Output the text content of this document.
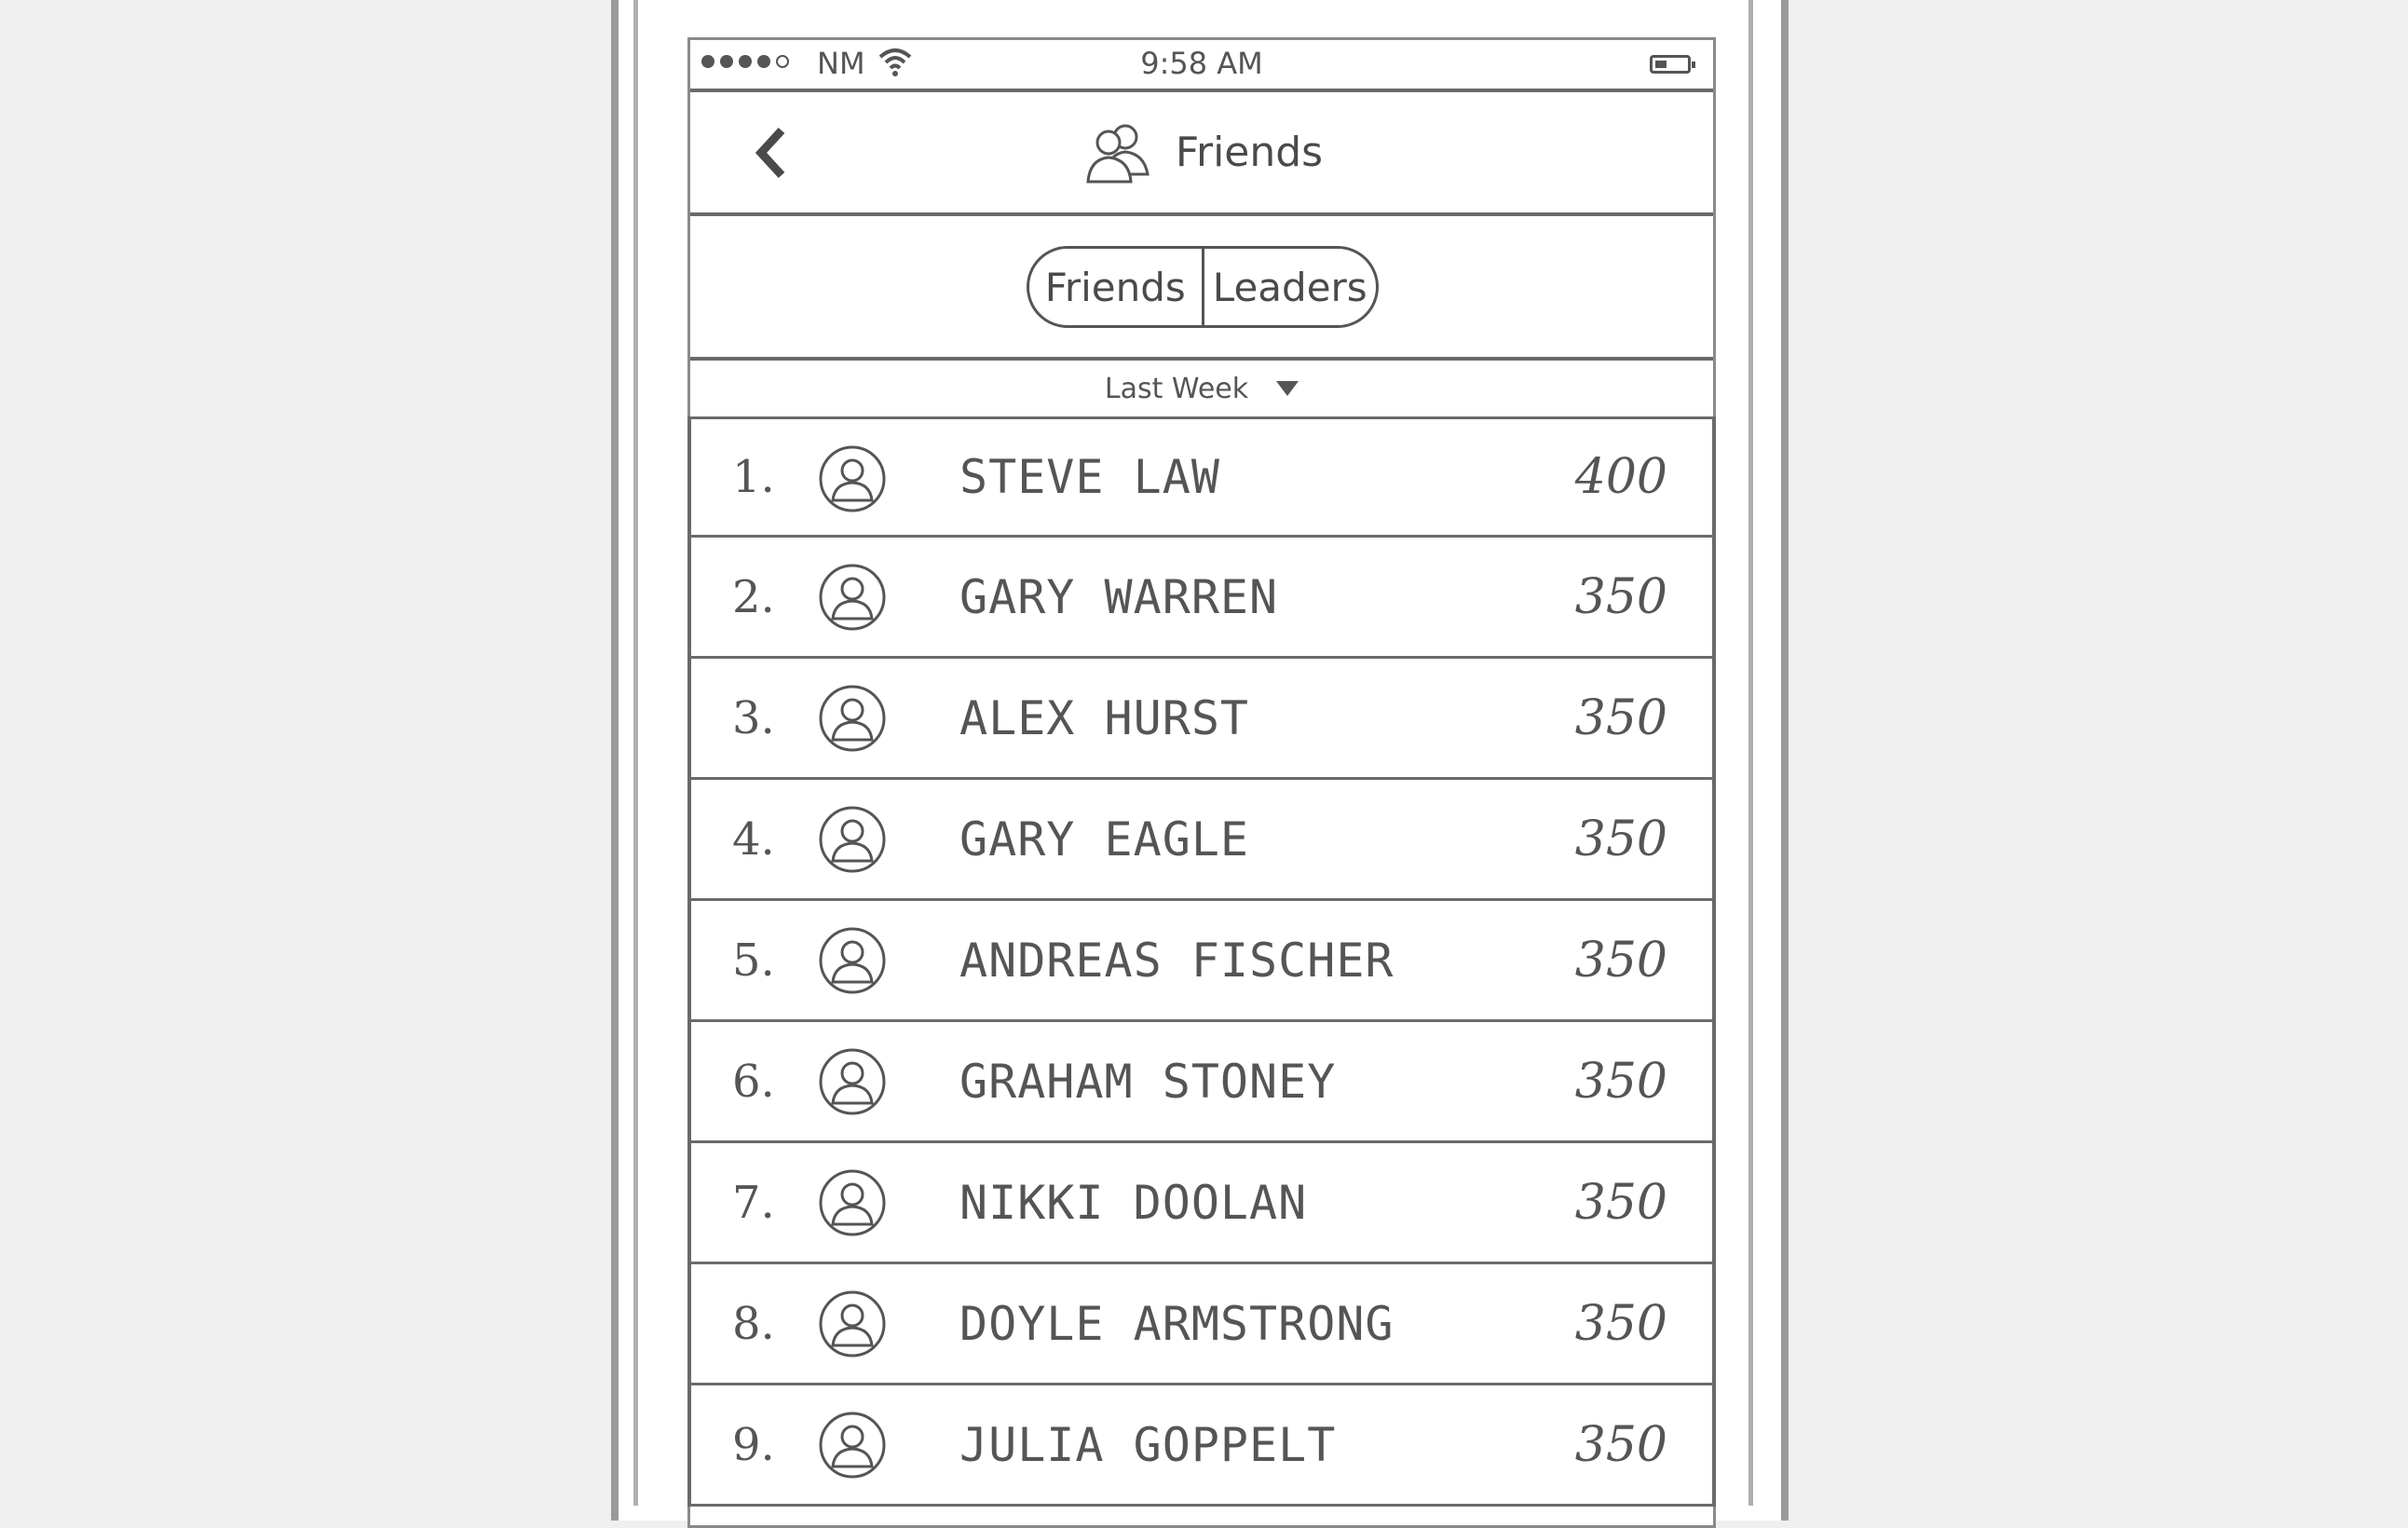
NM	9:58 AM
Friends
Friends Leaders
Last Week
1.	STEVE LAW	400
2.	GARY WARREN	350
3.	ALEX HURST	350
4.	GARY EAGLE	350
5.	ANDREAS FISCHER	350
6.	GRAHAM STONEY	350
7.	NIKKI DOOLAN	350
8.	DOYLE ARMSTRONG	350
9.	JULIA GOPPELT	350
